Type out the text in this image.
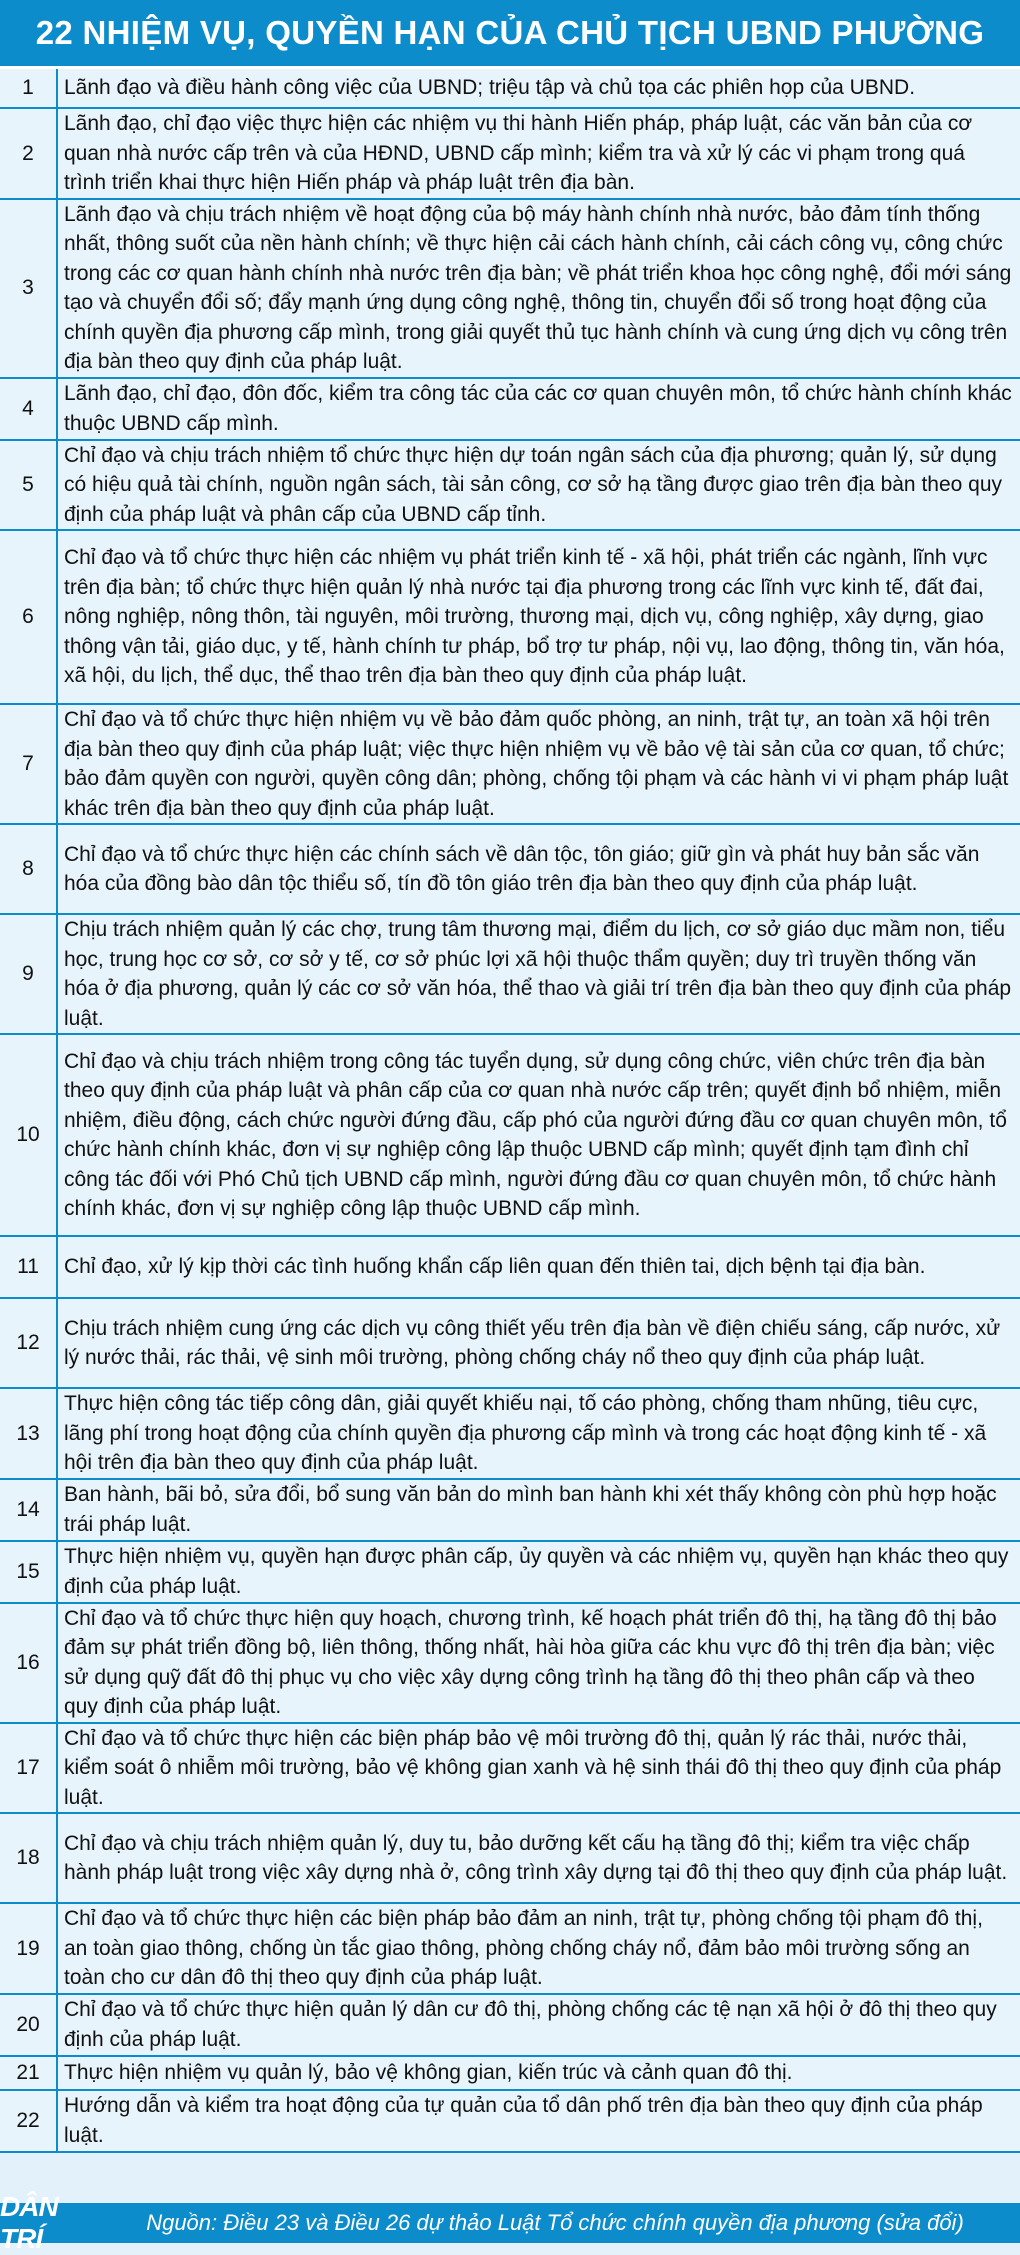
22 NHIỆM VỤ, QUYỀN HẠN CỦA CHỦ TỊCH UBND PHƯỜNG
1	Lãnh đạo và điều hành công việc của UBND; triệu tập và chủ tọa các phiên họp của UBND.
2	Lãnh đạo, chỉ đạo việc thực hiện các nhiệm vụ thi hành Hiến pháp, pháp luật, các văn bản của cơ quan nhà nước cấp trên và của HĐND, UBND cấp mình; kiểm tra và xử lý các vi phạm trong quá trình triển khai thực hiện Hiến pháp và pháp luật trên địa bàn.
3	Lãnh đạo và chịu trách nhiệm về hoạt động của bộ máy hành chính nhà nước, bảo đảm tính thống nhất, thông suốt của nền hành chính; về thực hiện cải cách hành chính, cải cách công vụ, công chức trong các cơ quan hành chính nhà nước trên địa bàn; về phát triển khoa học công nghệ, đổi mới sáng tạo và chuyển đổi số; đẩy mạnh ứng dụng công nghệ, thông tin, chuyển đổi số trong hoạt động của chính quyền địa phương cấp mình, trong giải quyết thủ tục hành chính và cung ứng dịch vụ công trên địa bàn theo quy định của pháp luật.
4	Lãnh đạo, chỉ đạo, đôn đốc, kiểm tra công tác của các cơ quan chuyên môn, tổ chức hành chính khác thuộc UBND cấp mình.
5	Chỉ đạo và chịu trách nhiệm tổ chức thực hiện dự toán ngân sách của địa phương; quản lý, sử dụng có hiệu quả tài chính, nguồn ngân sách, tài sản công, cơ sở hạ tầng được giao trên địa bàn theo quy định của pháp luật và phân cấp của UBND cấp tỉnh.
6	Chỉ đạo và tổ chức thực hiện các nhiệm vụ phát triển kinh tế - xã hội, phát triển các ngành, lĩnh vực trên địa bàn; tổ chức thực hiện quản lý nhà nước tại địa phương trong các lĩnh vực kinh tế, đất đai, nông nghiệp, nông thôn, tài nguyên, môi trường, thương mại, dịch vụ, công nghiệp, xây dựng, giao thông vận tải, giáo dục, y tế, hành chính tư pháp, bổ trợ tư pháp, nội vụ, lao động, thông tin, văn hóa, xã hội, du lịch, thể dục, thể thao trên địa bàn theo quy định của pháp luật.
7	Chỉ đạo và tổ chức thực hiện nhiệm vụ về bảo đảm quốc phòng, an ninh, trật tự, an toàn xã hội trên địa bàn theo quy định của pháp luật; việc thực hiện nhiệm vụ về bảo vệ tài sản của cơ quan, tổ chức; bảo đảm quyền con người, quyền công dân; phòng, chống tội phạm và các hành vi vi phạm pháp luật khác trên địa bàn theo quy định của pháp luật.
8	Chỉ đạo và tổ chức thực hiện các chính sách về dân tộc, tôn giáo; giữ gìn và phát huy bản sắc văn hóa của đồng bào dân tộc thiểu số, tín đồ tôn giáo trên địa bàn theo quy định của pháp luật.
9	Chịu trách nhiệm quản lý các chợ, trung tâm thương mại, điểm du lịch, cơ sở giáo dục mầm non, tiểu học, trung học cơ sở, cơ sở y tế, cơ sở phúc lợi xã hội thuộc thẩm quyền; duy trì truyền thống văn hóa ở địa phương, quản lý các cơ sở văn hóa, thể thao và giải trí trên địa bàn theo quy định của pháp luật.
10	Chỉ đạo và chịu trách nhiệm trong công tác tuyển dụng, sử dụng công chức, viên chức trên địa bàn theo quy định của pháp luật và phân cấp của cơ quan nhà nước cấp trên; quyết định bổ nhiệm, miễn nhiệm, điều động, cách chức người đứng đầu, cấp phó của người đứng đầu cơ quan chuyên môn, tổ chức hành chính khác, đơn vị sự nghiệp công lập thuộc UBND cấp mình; quyết định tạm đình chỉ công tác đối với Phó Chủ tịch UBND cấp mình, người đứng đầu cơ quan chuyên môn, tổ chức hành chính khác, đơn vị sự nghiệp công lập thuộc UBND cấp mình.
11	Chỉ đạo, xử lý kịp thời các tình huống khẩn cấp liên quan đến thiên tai, dịch bệnh tại địa bàn.
12	Chịu trách nhiệm cung ứng các dịch vụ công thiết yếu trên địa bàn về điện chiếu sáng, cấp nước, xử lý nước thải, rác thải, vệ sinh môi trường, phòng chống cháy nổ theo quy định của pháp luật.
13	Thực hiện công tác tiếp công dân, giải quyết khiếu nại, tố cáo phòng, chống tham nhũng, tiêu cực, lãng phí trong hoạt động của chính quyền địa phương cấp mình và trong các hoạt động kinh tế - xã hội trên địa bàn theo quy định của pháp luật.
14	Ban hành, bãi bỏ, sửa đổi, bổ sung văn bản do mình ban hành khi xét thấy không còn phù hợp hoặc trái pháp luật.
15	Thực hiện nhiệm vụ, quyền hạn được phân cấp, ủy quyền và các nhiệm vụ, quyền hạn khác theo quy định của pháp luật.
16	Chỉ đạo và tổ chức thực hiện quy hoạch, chương trình, kế hoạch phát triển đô thị, hạ tầng đô thị bảo đảm sự phát triển đồng bộ, liên thông, thống nhất, hài hòa giữa các khu vực đô thị trên địa bàn; việc sử dụng quỹ đất đô thị phục vụ cho việc xây dựng công trình hạ tầng đô thị theo phân cấp và theo quy định của pháp luật.
17	Chỉ đạo và tổ chức thực hiện các biện pháp bảo vệ môi trường đô thị, quản lý rác thải, nước thải, kiểm soát ô nhiễm môi trường, bảo vệ không gian xanh và hệ sinh thái đô thị theo quy định của pháp luật.
18	Chỉ đạo và chịu trách nhiệm quản lý, duy tu, bảo dưỡng kết cấu hạ tầng đô thị; kiểm tra việc chấp hành pháp luật trong việc xây dựng nhà ở, công trình xây dựng tại đô thị theo quy định của pháp luật.
19	Chỉ đạo và tổ chức thực hiện các biện pháp bảo đảm an ninh, trật tự, phòng chống tội phạm đô thị, an toàn giao thông, chống ùn tắc giao thông, phòng chống cháy nổ, đảm bảo môi trường sống an toàn cho cư dân đô thị theo quy định của pháp luật.
20	Chỉ đạo và tổ chức thực hiện quản lý dân cư đô thị, phòng chống các tệ nạn xã hội ở đô thị theo quy định của pháp luật.
21	Thực hiện nhiệm vụ quản lý, bảo vệ không gian, kiến trúc và cảnh quan đô thị.
22	Hướng dẫn và kiểm tra hoạt động của tự quản của tổ dân phố trên địa bàn theo quy định của pháp luật.
DÂN TRÍ
Nguồn: Điều 23 và Điều 26 dự thảo Luật Tổ chức chính quyền địa phương (sửa đổi)
